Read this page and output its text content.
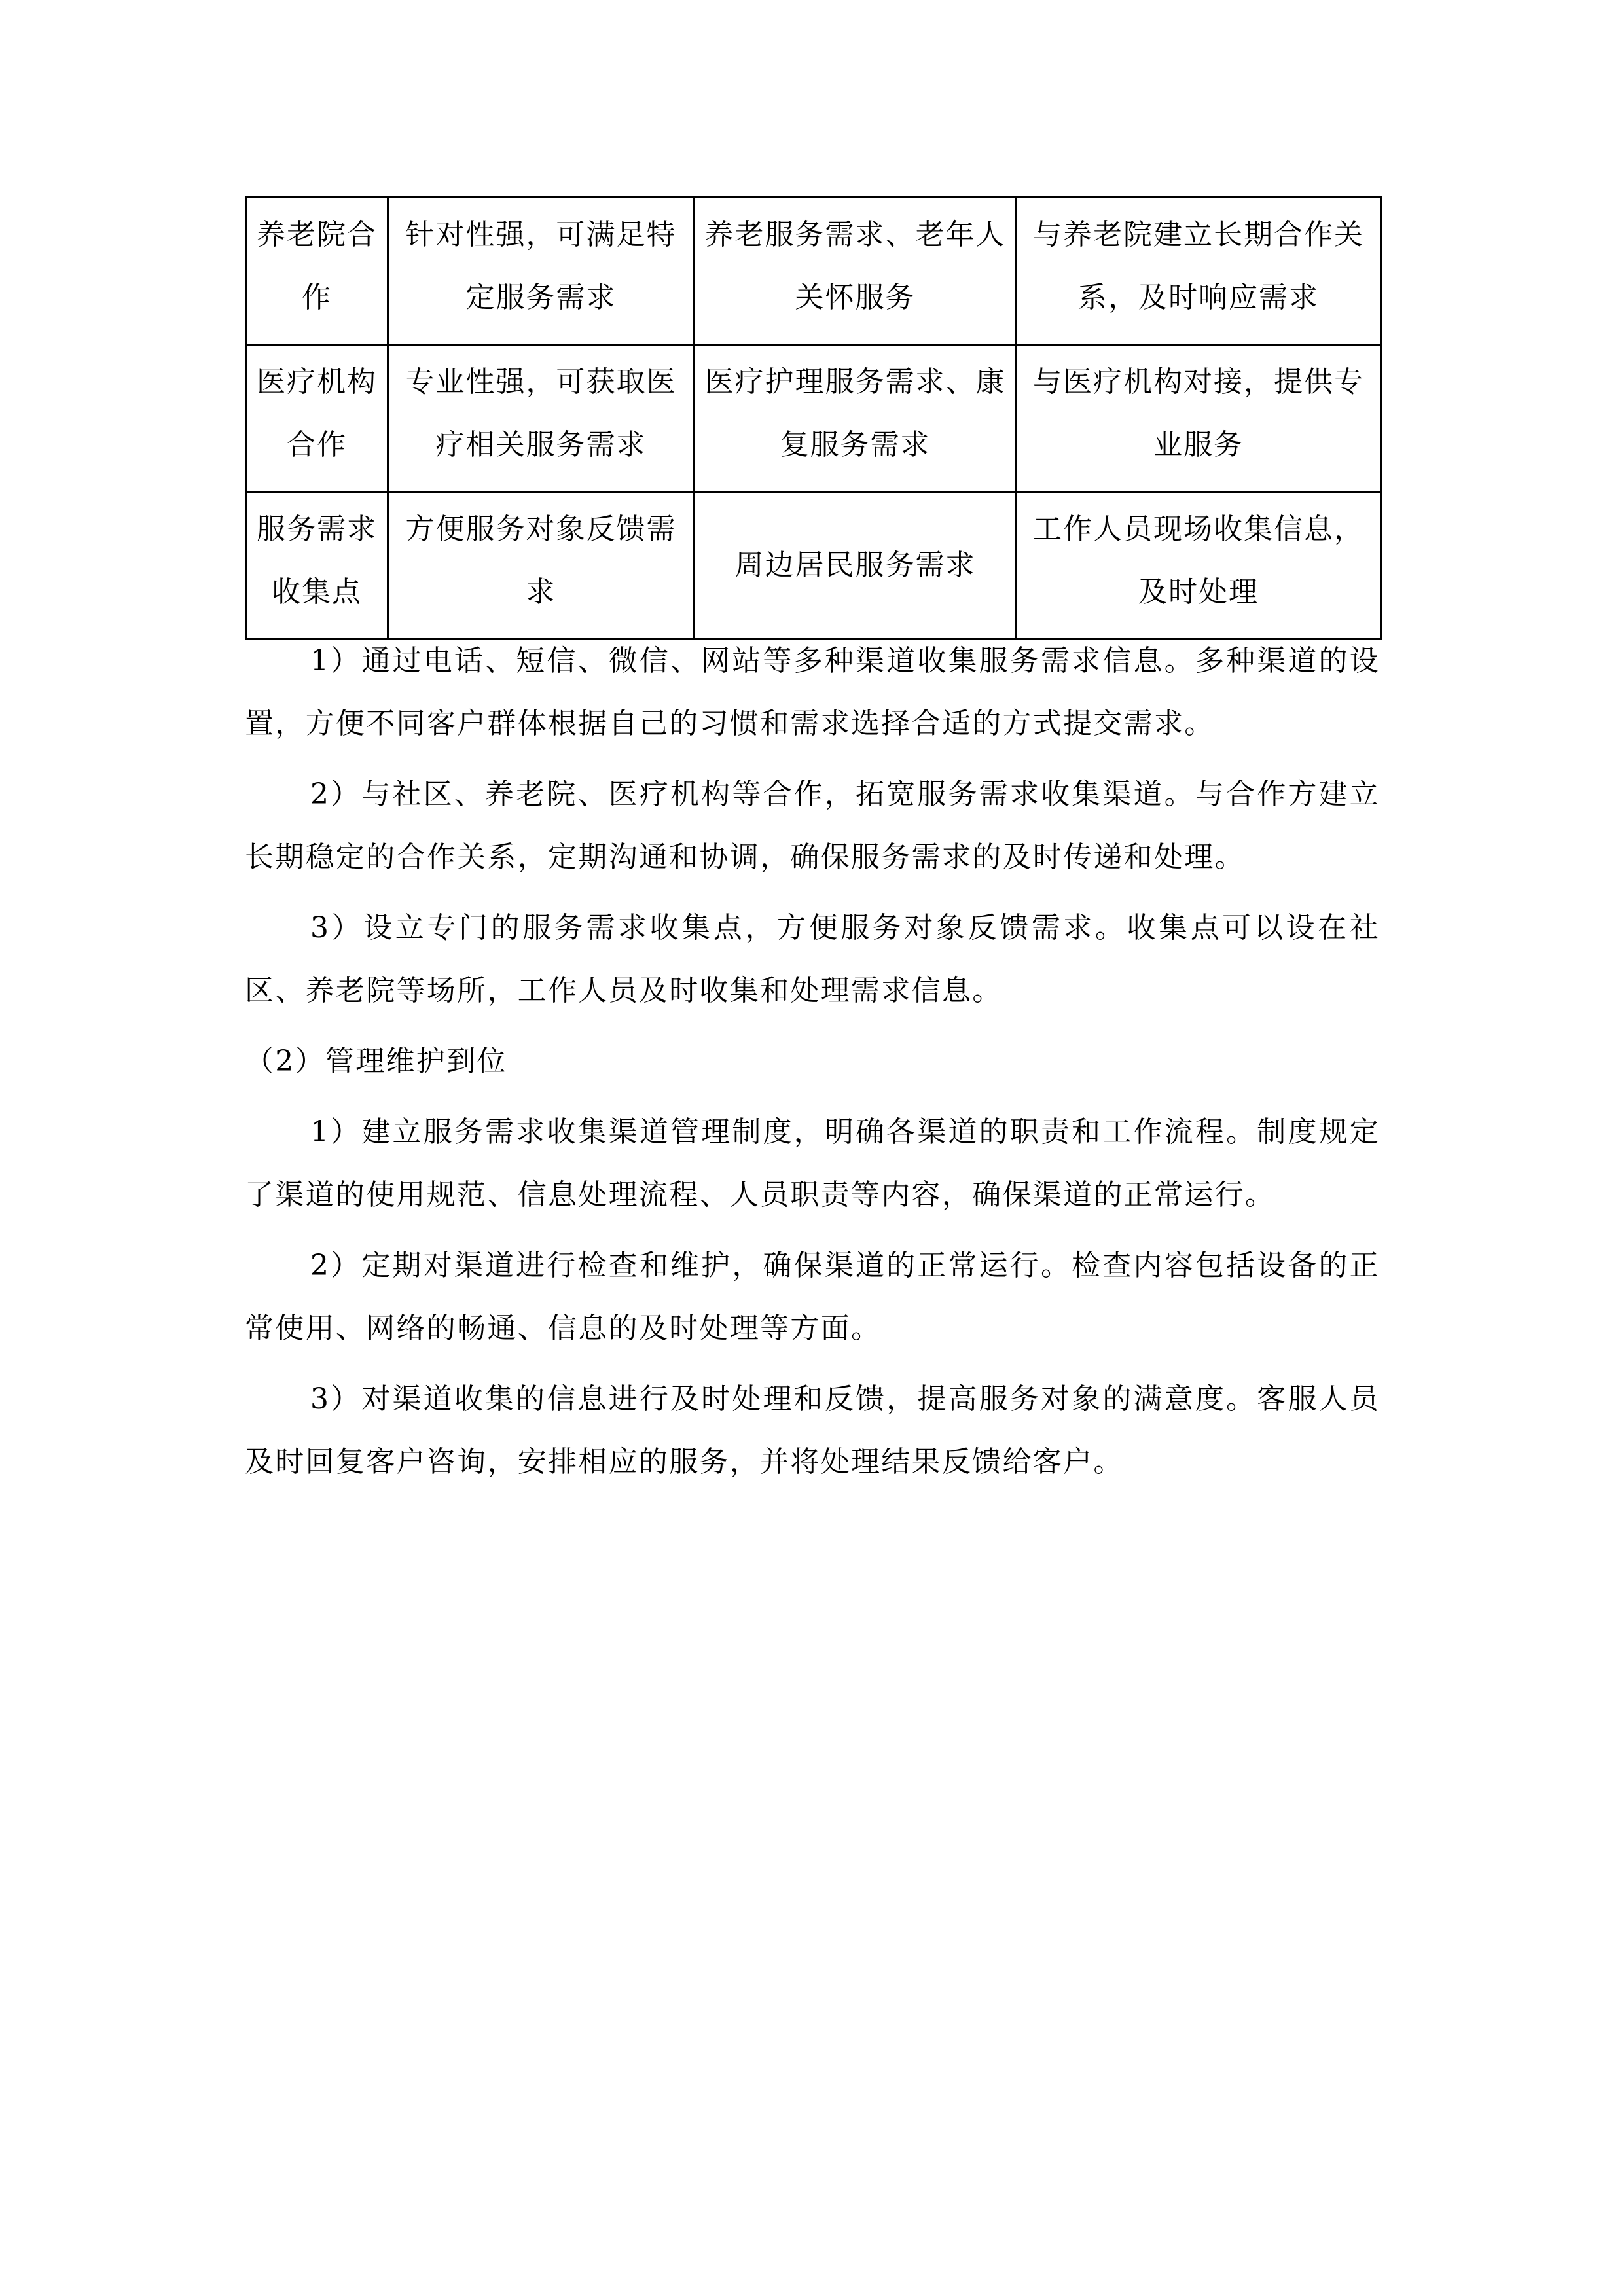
养老院合作	针对性强，可满足特定服务需求	养老服务需求、老年人关怀服务	与养老院建立长期合作关系，及时响应需求
医疗机构合作	专业性强，可获取医疗相关服务需求	医疗护理服务需求、康复服务需求	与医疗机构对接，提供专业服务
服务需求收集点	方便服务对象反馈需求	周边居民服务需求	工作人员现场收集信息，及时处理

1）通过电话、短信、微信、网站等多种渠道收集服务需求信息。多种渠道的设置，方便不同客户群体根据自己的习惯和需求选择合适的方式提交需求。

2）与社区、养老院、医疗机构等合作，拓宽服务需求收集渠道。与合作方建立长期稳定的合作关系，定期沟通和协调，确保服务需求的及时传递和处理。

3）设立专门的服务需求收集点，方便服务对象反馈需求。收集点可以设在社区、养老院等场所，工作人员及时收集和处理需求信息。

（2）管理维护到位

1）建立服务需求收集渠道管理制度，明确各渠道的职责和工作流程。制度规定了渠道的使用规范、信息处理流程、人员职责等内容，确保渠道的正常运行。

2）定期对渠道进行检查和维护，确保渠道的正常运行。检查内容包括设备的正常使用、网络的畅通、信息的及时处理等方面。

3）对渠道收集的信息进行及时处理和反馈，提高服务对象的满意度。客服人员及时回复客户咨询，安排相应的服务，并将处理结果反馈给客户。
